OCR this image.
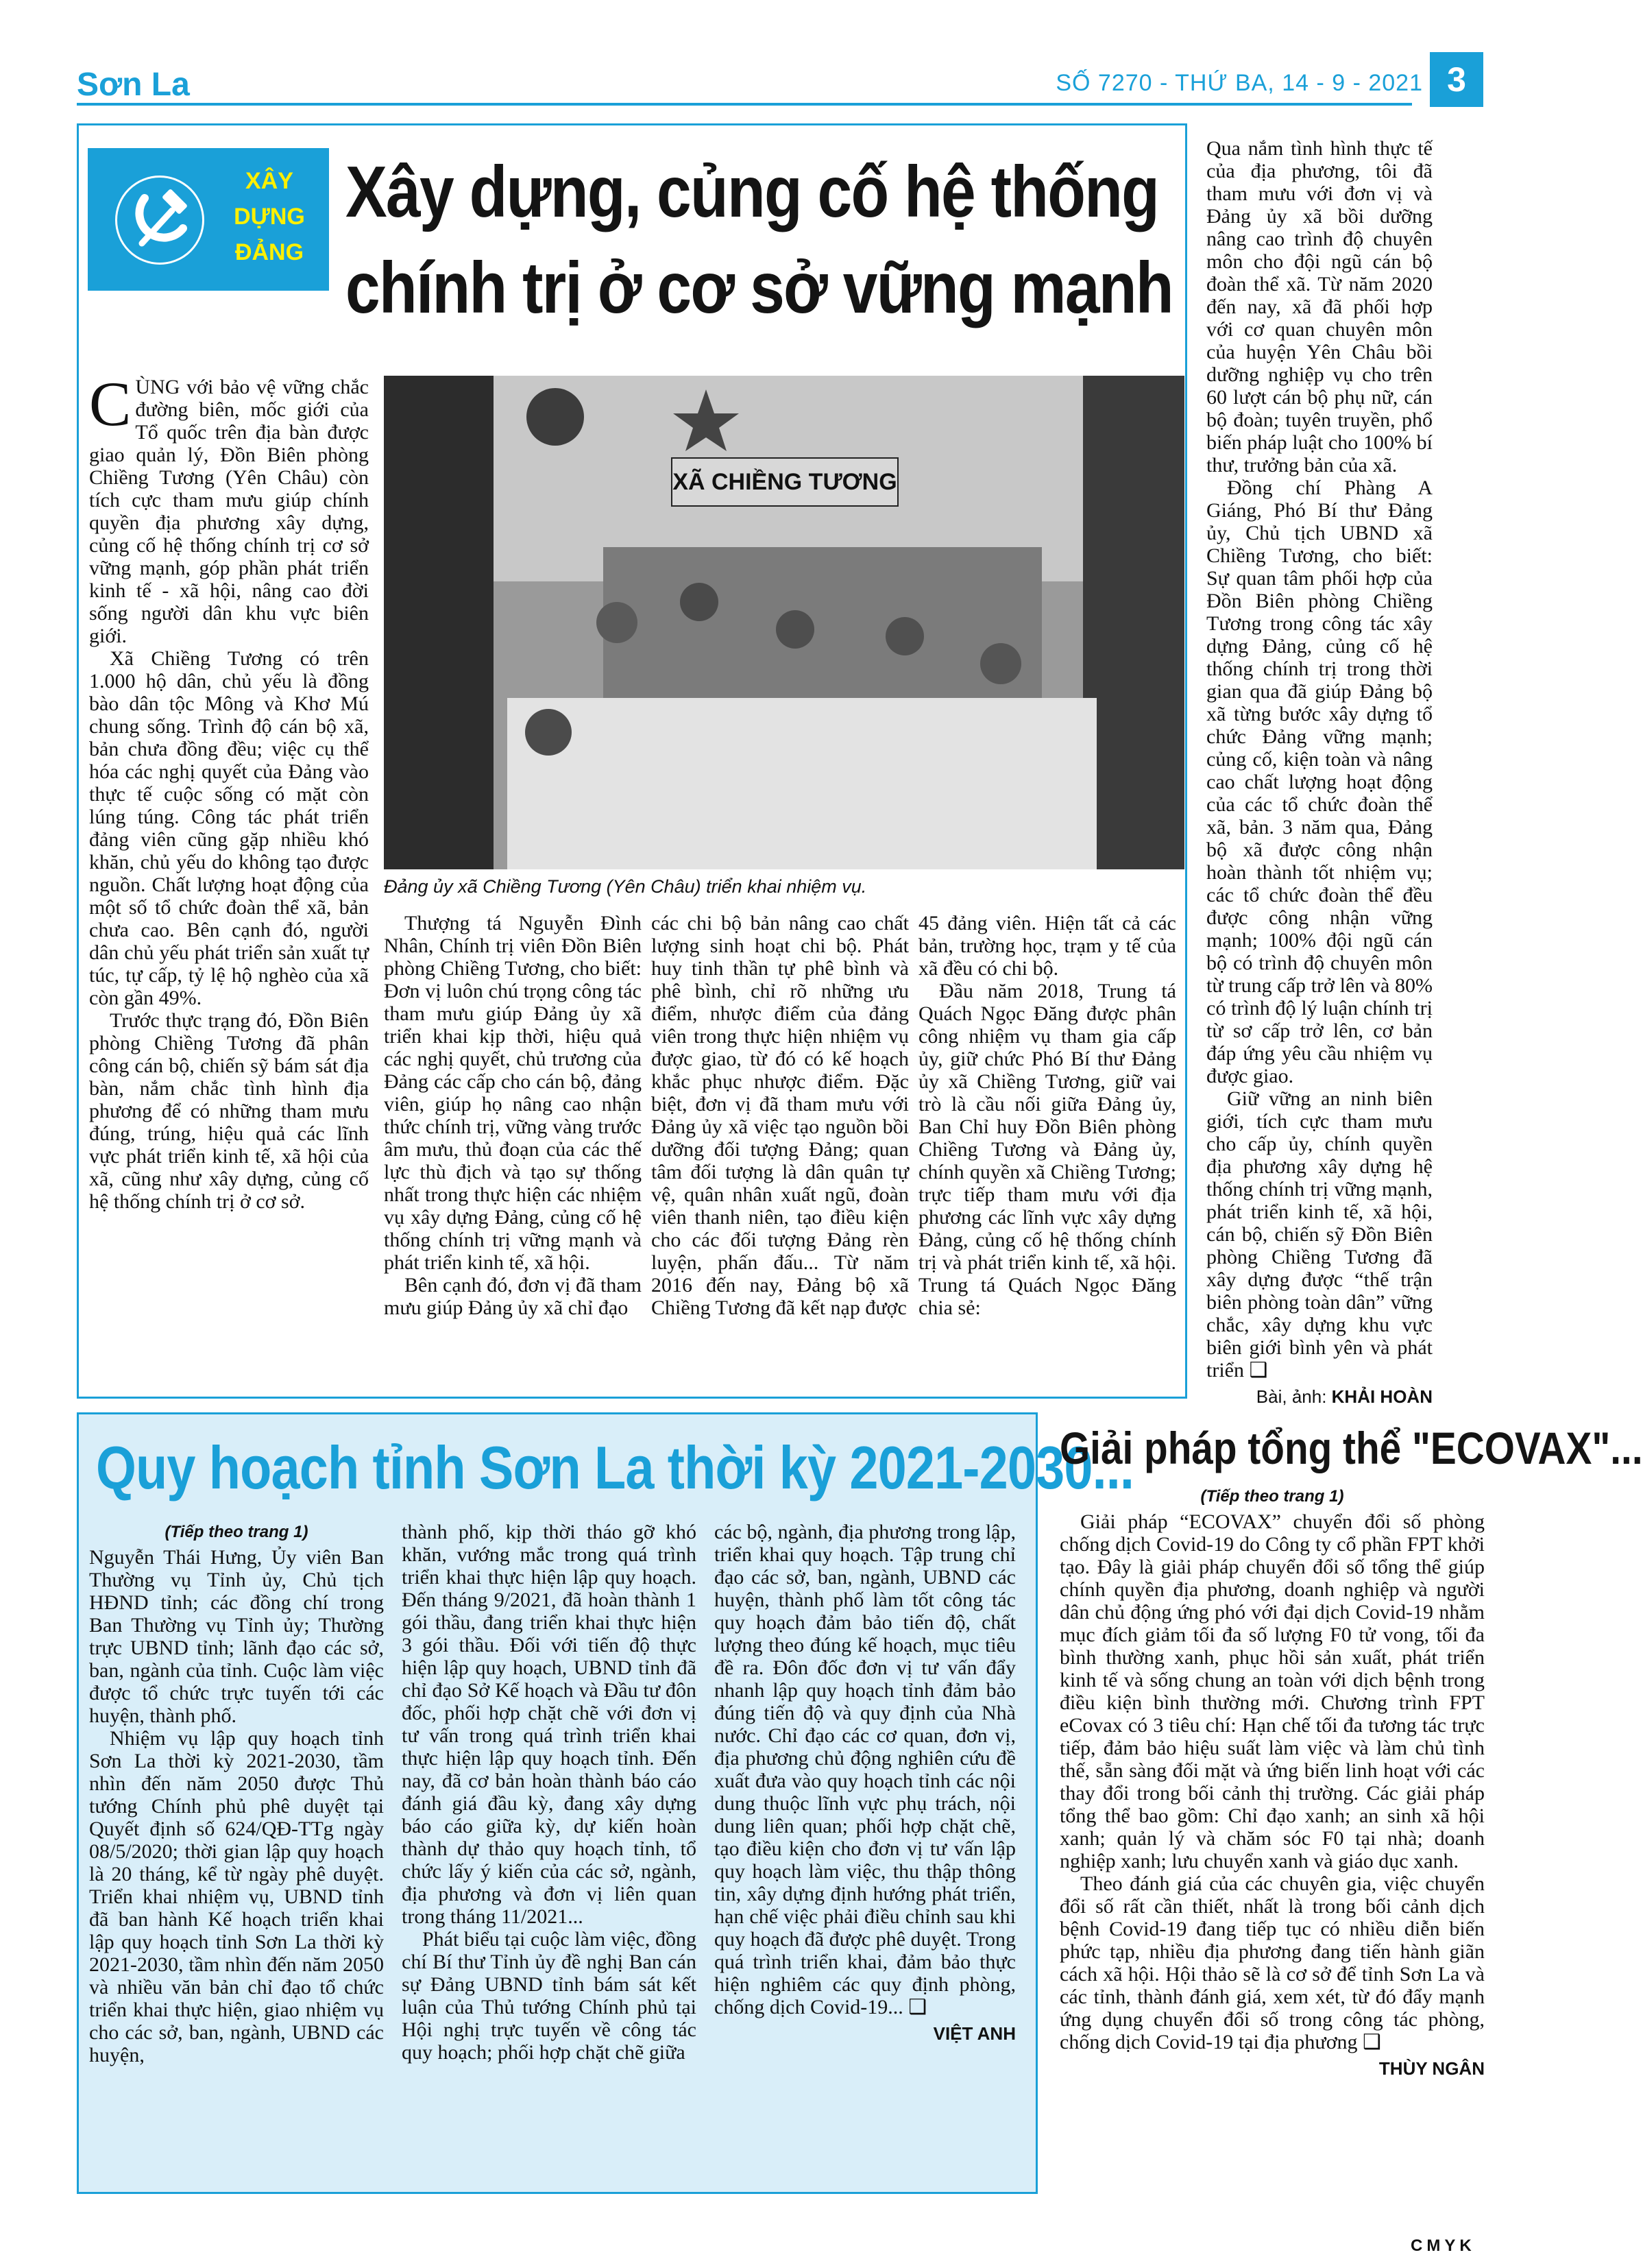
Sơn La	SỐ 7270 - THỨ BA, 14 - 9 - 2021 3
XÂY
DỰNG
ĐẢNG
Xây dựng, củng cố hệ thống
chính trị ở cơ sở vững mạnh

CÙNG với bảo vệ vững chắc đường biên, mốc giới của Tổ quốc trên địa bàn được giao quản lý, Đồn Biên phòng Chiềng Tương (Yên Châu) còn tích cực tham mưu giúp chính quyền địa phương xây dựng, củng cố hệ thống chính trị cơ sở vững mạnh, góp phần phát triển kinh tế - xã hội, nâng cao đời sống người dân khu vực biên giới.

Xã Chiềng Tương có trên 1.000 hộ dân, chủ yếu là đồng bào dân tộc Mông và Khơ Mú chung sống. Trình độ cán bộ xã, bản chưa đồng đều; việc cụ thể hóa các nghị quyết của Đảng vào thực tế cuộc sống có mặt còn lúng túng. Công tác phát triển đảng viên cũng gặp nhiều khó khăn, chủ yếu do không tạo được nguồn. Chất lượng hoạt động của một số tổ chức đoàn thể xã, bản chưa cao. Bên cạnh đó, người dân chủ yếu phát triển sản xuất tự túc, tự cấp, tỷ lệ hộ nghèo của xã còn gần 49%.

Trước thực trạng đó, Đồn Biên phòng Chiềng Tương đã phân công cán bộ, chiến sỹ bám sát địa bàn, nắm chắc tình hình địa phương để có những tham mưu đúng, trúng, hiệu quả các lĩnh vực phát triển kinh tế, xã hội của xã, cũng như xây dựng, củng cố hệ thống chính trị ở cơ sở.

XÃ CHIỀNG TƯƠNG
Đảng ủy xã Chiềng Tương (Yên Châu) triển khai nhiệm vụ.

Thượng tá Nguyễn Đình Nhân, Chính trị viên Đồn Biên phòng Chiềng Tương, cho biết: Đơn vị luôn chú trọng công tác tham mưu giúp Đảng ủy xã triển khai kịp thời, hiệu quả các nghị quyết, chủ trương của Đảng các cấp cho cán bộ, đảng viên, giúp họ nâng cao nhận thức chính trị, vững vàng trước âm mưu, thủ đoạn của các thế lực thù địch và tạo sự thống nhất trong thực hiện các nhiệm vụ xây dựng Đảng, củng cố hệ thống chính trị vững mạnh và phát triển kinh tế, xã hội.

Bên cạnh đó, đơn vị đã tham mưu giúp Đảng ủy xã chỉ đạo

các chi bộ bản nâng cao chất lượng sinh hoạt chi bộ. Phát huy tinh thần tự phê bình và phê bình, chỉ rõ những ưu điểm, nhược điểm của đảng viên trong thực hiện nhiệm vụ được giao, từ đó có kế hoạch khắc phục nhược điểm. Đặc biệt, đơn vị đã tham mưu với Đảng ủy xã việc tạo nguồn bồi dưỡng đối tượng Đảng; quan tâm đối tượng là dân quân tự vệ, quân nhân xuất ngũ, đoàn viên thanh niên, tạo điều kiện cho các đối tượng Đảng rèn luyện, phấn đấu... Từ năm 2016 đến nay, Đảng bộ xã Chiềng Tương đã kết nạp được

45 đảng viên. Hiện tất cả các bản, trường học, trạm y tế của xã đều có chi bộ.

Đầu năm 2018, Trung tá Quách Ngọc Đăng được phân công nhiệm vụ tham gia cấp ủy, giữ chức Phó Bí thư Đảng ủy xã Chiềng Tương, giữ vai trò là cầu nối giữa Đảng ủy, Ban Chỉ huy Đồn Biên phòng Chiềng Tương và Đảng ủy, chính quyền xã Chiềng Tương; trực tiếp tham mưu với địa phương các lĩnh vực xây dựng Đảng, củng cố hệ thống chính trị và phát triển kinh tế, xã hội. Trung tá Quách Ngọc Đăng chia sẻ:

Qua nắm tình hình thực tế của địa phương, tôi đã tham mưu với đơn vị và Đảng ủy xã bồi dưỡng nâng cao trình độ chuyên môn cho đội ngũ cán bộ đoàn thể xã. Từ năm 2020 đến nay, xã đã phối hợp với cơ quan chuyên môn của huyện Yên Châu bồi dưỡng nghiệp vụ cho trên 60 lượt cán bộ phụ nữ, cán bộ đoàn; tuyên truyền, phổ biến pháp luật cho 100% bí thư, trưởng bản của xã.

Đồng chí Phàng A Giáng, Phó Bí thư Đảng ủy, Chủ tịch UBND xã Chiềng Tương, cho biết: Sự quan tâm phối hợp của Đồn Biên phòng Chiềng Tương trong công tác xây dựng Đảng, củng cố hệ thống chính trị trong thời gian qua đã giúp Đảng bộ xã từng bước xây dựng tổ chức Đảng vững mạnh; củng cố, kiện toàn và nâng cao chất lượng hoạt động của các tổ chức đoàn thể xã, bản. 3 năm qua, Đảng bộ xã được công nhận hoàn thành tốt nhiệm vụ; các tổ chức đoàn thể đều được công nhận vững mạnh; 100% đội ngũ cán bộ có trình độ chuyên môn từ trung cấp trở lên và 80% có trình độ lý luận chính trị từ sơ cấp trở lên, cơ bản đáp ứng yêu cầu nhiệm vụ được giao.

Giữ vững an ninh biên giới, tích cực tham mưu cho cấp ủy, chính quyền địa phương xây dựng hệ thống chính trị vững mạnh, phát triển kinh tế, xã hội, cán bộ, chiến sỹ Đồn Biên phòng Chiềng Tương đã xây dựng được “thế trận biên phòng toàn dân” vững chắc, xây dựng khu vực biên giới bình yên và phát triển ❑

Bài, ảnh: KHẢI HOÀN
Quy hoạch tỉnh Sơn La thời kỳ 2021-2030...
(Tiếp theo trang 1)

Nguyễn Thái Hưng, Ủy viên Ban Thường vụ Tỉnh ủy, Chủ tịch HĐND tỉnh; các đồng chí trong Ban Thường vụ Tỉnh ủy; Thường trực UBND tỉnh; lãnh đạo các sở, ban, ngành của tỉnh. Cuộc làm việc được tổ chức trực tuyến tới các huyện, thành phố.

Nhiệm vụ lập quy hoạch tỉnh Sơn La thời kỳ 2021-2030, tầm nhìn đến năm 2050 được Thủ tướng Chính phủ phê duyệt tại Quyết định số 624/QĐ-TTg ngày 08/5/2020; thời gian lập quy hoạch là 20 tháng, kể từ ngày phê duyệt. Triển khai nhiệm vụ, UBND tỉnh đã ban hành Kế hoạch triển khai lập quy hoạch tỉnh Sơn La thời kỳ 2021-2030, tầm nhìn đến năm 2050 và nhiều văn bản chỉ đạo tổ chức triển khai thực hiện, giao nhiệm vụ cho các sở, ban, ngành, UBND các huyện,

thành phố, kịp thời tháo gỡ khó khăn, vướng mắc trong quá trình triển khai thực hiện lập quy hoạch. Đến tháng 9/2021, đã hoàn thành 1 gói thầu, đang triển khai thực hiện 3 gói thầu. Đối với tiến độ thực hiện lập quy hoạch, UBND tỉnh đã chỉ đạo Sở Kế hoạch và Đầu tư đôn đốc, phối hợp chặt chẽ với đơn vị tư vấn trong quá trình triển khai thực hiện lập quy hoạch tỉnh. Đến nay, đã cơ bản hoàn thành báo cáo đánh giá đầu kỳ, đang xây dựng báo cáo giữa kỳ, dự kiến hoàn thành dự thảo quy hoạch tỉnh, tổ chức lấy ý kiến của các sở, ngành, địa phương và đơn vị liên quan trong tháng 11/2021...

Phát biểu tại cuộc làm việc, đồng chí Bí thư Tỉnh ủy đề nghị Ban cán sự Đảng UBND tỉnh bám sát kết luận của Thủ tướng Chính phủ tại Hội nghị trực tuyến về công tác quy hoạch; phối hợp chặt chẽ giữa

các bộ, ngành, địa phương trong lập, triển khai quy hoạch. Tập trung chỉ đạo các sở, ban, ngành, UBND các huyện, thành phố làm tốt công tác quy hoạch đảm bảo tiến độ, chất lượng theo đúng kế hoạch, mục tiêu đề ra. Đôn đốc đơn vị tư vấn đẩy nhanh lập quy hoạch tỉnh đảm bảo đúng tiến độ và quy định của Nhà nước. Chỉ đạo các cơ quan, đơn vị, địa phương chủ động nghiên cứu đề xuất đưa vào quy hoạch tỉnh các nội dung thuộc lĩnh vực phụ trách, nội dung liên quan; phối hợp chặt chẽ, tạo điều kiện cho đơn vị tư vấn lập quy hoạch làm việc, thu thập thông tin, xây dựng định hướng phát triển, hạn chế việc phải điều chỉnh sau khi quy hoạch đã được phê duyệt. Trong quá trình triển khai, đảm bảo thực hiện nghiêm các quy định phòng, chống dịch Covid-19... ❑

VIỆT ANH
Giải pháp tổng thể "ECOVAX"...
(Tiếp theo trang 1)

Giải pháp “ECOVAX” chuyển đổi số phòng chống dịch Covid-19 do Công ty cổ phần FPT khởi tạo. Đây là giải pháp chuyển đổi số tổng thể giúp chính quyền địa phương, doanh nghiệp và người dân chủ động ứng phó với đại dịch Covid-19 nhằm mục đích giảm tối đa số lượng F0 tử vong, tối đa bình thường xanh, phục hồi sản xuất, phát triển kinh tế và sống chung an toàn với dịch bệnh trong điều kiện bình thường mới. Chương trình FPT eCovax có 3 tiêu chí: Hạn chế tối đa tương tác trực tiếp, đảm bảo hiệu suất làm việc và làm chủ tình thế, sẵn sàng đối mặt và ứng biến linh hoạt với các thay đổi trong bối cảnh thị trường. Các giải pháp tổng thể bao gồm: Chỉ đạo xanh; an sinh xã hội xanh; quản lý và chăm sóc F0 tại nhà; doanh nghiệp xanh; lưu chuyển xanh và giáo dục xanh.

Theo đánh giá của các chuyên gia, việc chuyển đổi số rất cần thiết, nhất là trong bối cảnh dịch bệnh Covid-19 đang tiếp tục có nhiều diễn biến phức tạp, nhiều địa phương đang tiến hành giãn cách xã hội. Hội thảo sẽ là cơ sở để tỉnh Sơn La và các tỉnh, thành đánh giá, xem xét, từ đó đẩy mạnh ứng dụng chuyển đổi số trong công tác phòng, chống dịch Covid-19 tại địa phương ❑

THÙY NGÂN
CMYK
